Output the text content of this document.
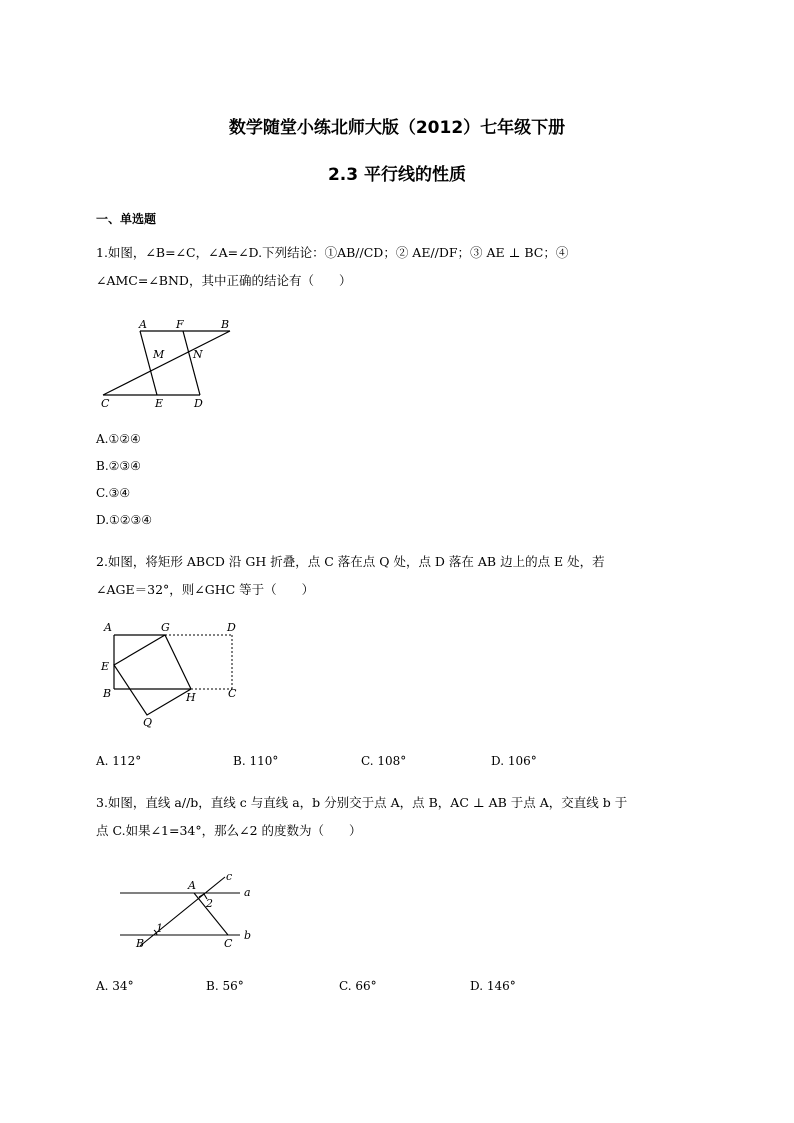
数学随堂小练北师大版（2012）七年级下册
2.3 平行线的性质
一、单选题
1.如图，∠B=∠C，∠A=∠D.下列结论：①AB//CD；② AE//DF；③ AE ⊥ BC；④
∠AMC=∠BND，其中正确的结论有（　　）
A	F	B
M	N
C	E	D
A.①②④
B.②③④
C.③④
D.①②③④
2.如图，将矩形 ABCD 沿 GH 折叠，点 C 落在点 Q 处，点 D 落在 AB 边上的点 E 处，若
∠AGE＝32°，则∠GHC 等于（　　）
A	G	D
E
B	H	C
Q
A. 112°	B. 110°	C. 108°	D. 106°
3.如图，直线 a//b，直线 c 与直线 a，b 分别交于点 A，点 B，AC ⊥ AB 于点 A，交直线 b 于
点 C.如果∠1=34°，那么∠2 的度数为（　　）
A
c
a
2
B
1
C
b
A. 34°	B. 56°	C. 66°	D. 146°
